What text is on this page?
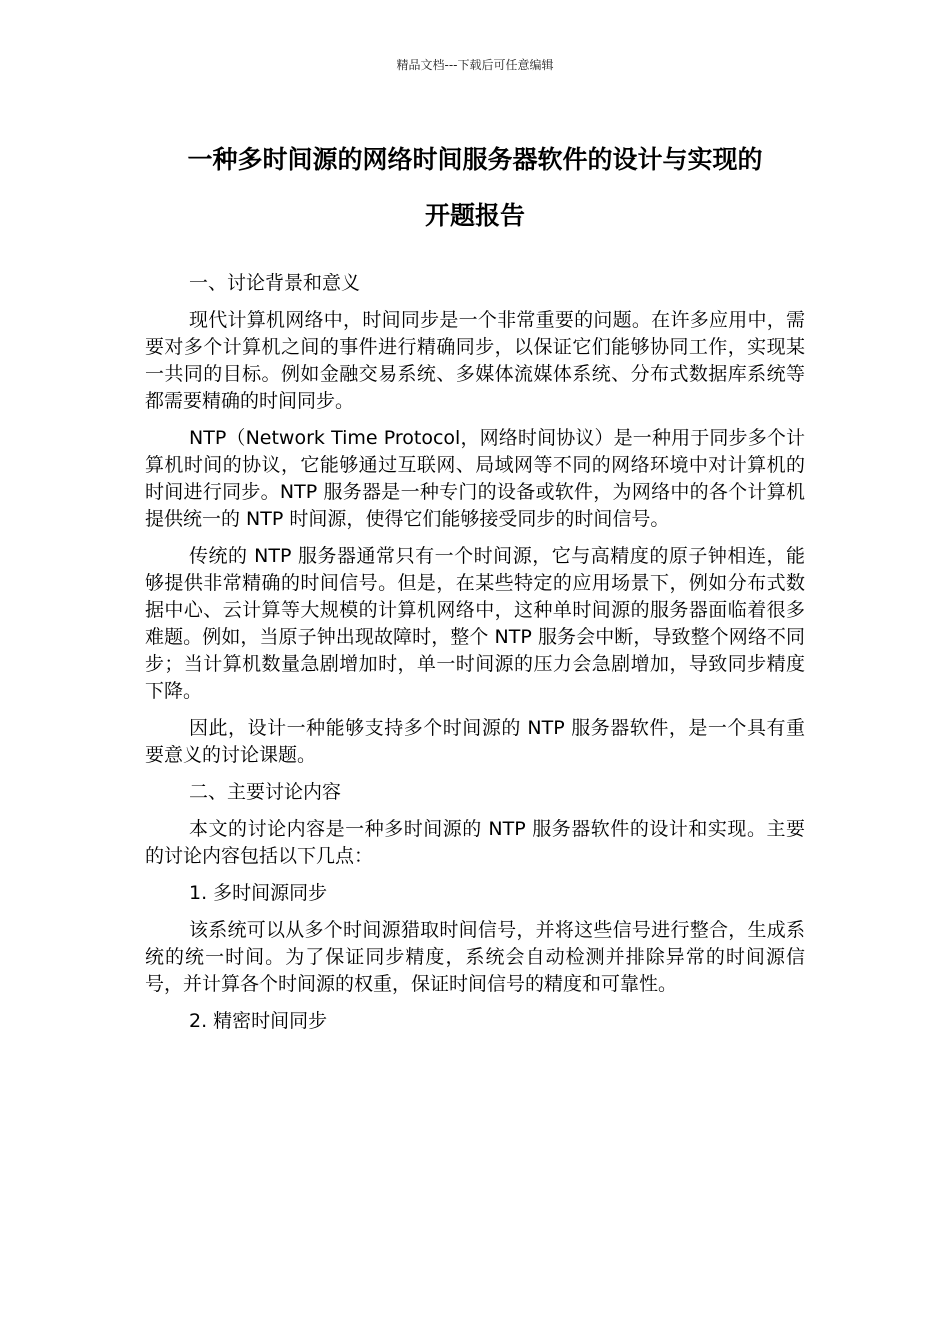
精品文档---下载后可任意编辑
一种多时间源的网络时间服务器软件的设计与实现的
开题报告

一、讨论背景和意义

现代计算机网络中，时间同步是一个非常重要的问题。在许多应用中，需要对多个计算机之间的事件进行精确同步，以保证它们能够协同工作，实现某一共同的目标。例如金融交易系统、多媒体流媒体系统、分布式数据库系统等都需要精确的时间同步。

NTP（Network Time Protocol，网络时间协议）是一种用于同步多个计算机时间的协议，它能够通过互联网、局域网等不同的网络环境中对计算机的时间进行同步。NTP 服务器是一种专门的设备或软件，为网络中的各个计算机提供统一的 NTP 时间源，使得它们能够接受同步的时间信号。

传统的 NTP 服务器通常只有一个时间源，它与高精度的原子钟相连，能够提供非常精确的时间信号。但是，在某些特定的应用场景下，例如分布式数据中心、云计算等大规模的计算机网络中，这种单时间源的服务器面临着很多难题。例如，当原子钟出现故障时，整个 NTP 服务会中断，导致整个网络不同步；当计算机数量急剧增加时，单一时间源的压力会急剧增加，导致同步精度下降。

因此，设计一种能够支持多个时间源的 NTP 服务器软件，是一个具有重要意义的讨论课题。

二、主要讨论内容

本文的讨论内容是一种多时间源的 NTP 服务器软件的设计和实现。主要的讨论内容包括以下几点：

1. 多时间源同步

该系统可以从多个时间源猎取时间信号，并将这些信号进行整合，生成系统的统一时间。为了保证同步精度，系统会自动检测并排除异常的时间源信号，并计算各个时间源的权重，保证时间信号的精度和可靠性。

2. 精密时间同步
